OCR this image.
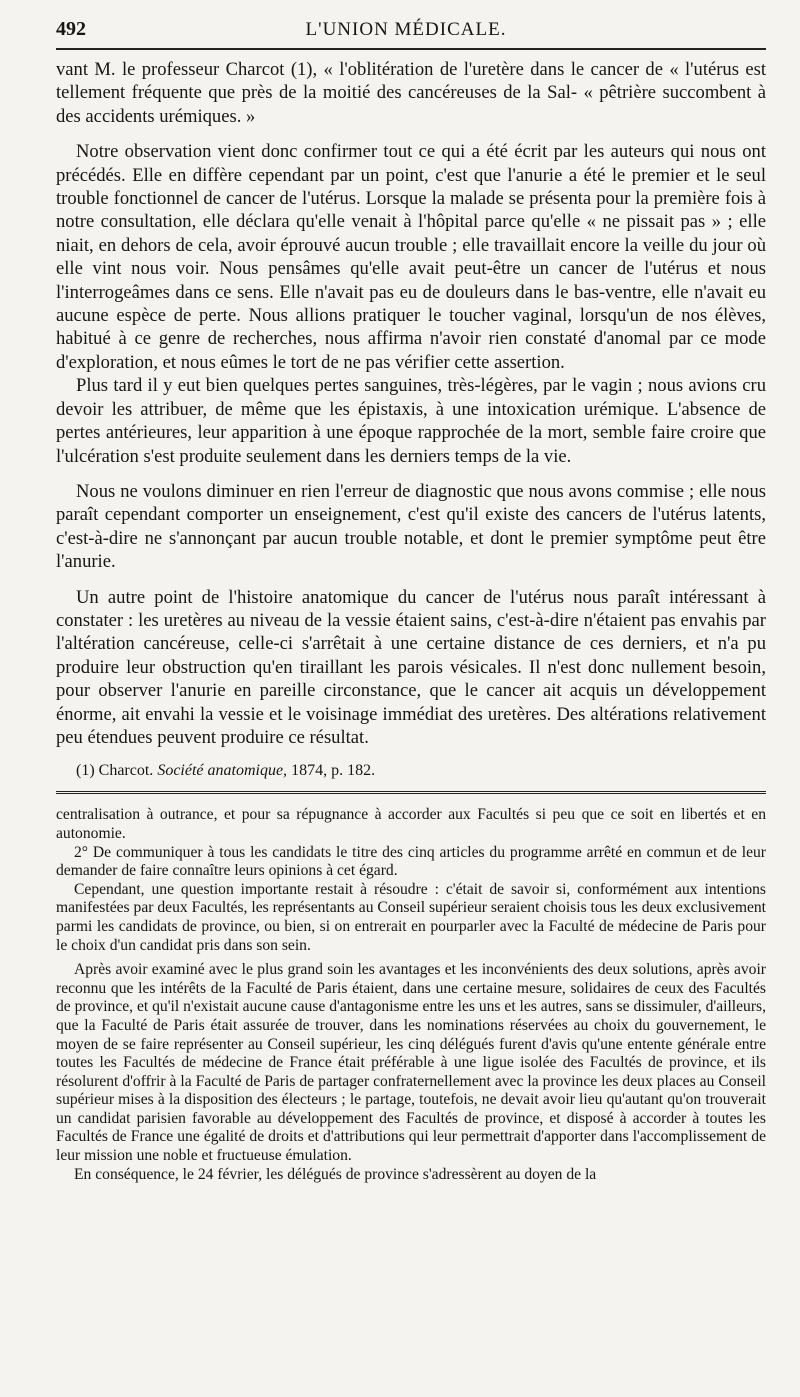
492	L'UNION MÉDICALE.

vant M. le professeur Charcot (1), « l'oblitération de l'uretère dans le cancer de « l'utérus est tellement fréquente que près de la moitié des cancéreuses de la Sal- « pêtrière succombent à des accidents urémiques. »

Notre observation vient donc confirmer tout ce qui a été écrit par les auteurs qui nous ont précédés. Elle en diffère cependant par un point, c'est que l'anurie a été le premier et le seul trouble fonctionnel de cancer de l'utérus. Lorsque la malade se présenta pour la première fois à notre consultation, elle déclara qu'elle venait à l'hôpital parce qu'elle « ne pissait pas » ; elle niait, en dehors de cela, avoir éprouvé aucun trouble ; elle travaillait encore la veille du jour où elle vint nous voir. Nous pensâmes qu'elle avait peut-être un cancer de l'utérus et nous l'interrogeâmes dans ce sens. Elle n'avait pas eu de douleurs dans le bas-ventre, elle n'avait eu aucune espèce de perte. Nous allions pratiquer le toucher vaginal, lorsqu'un de nos élèves, habitué à ce genre de recherches, nous affirma n'avoir rien constaté d'anomal par ce mode d'exploration, et nous eûmes le tort de ne pas vérifier cette assertion.

Plus tard il y eut bien quelques pertes sanguines, très-légères, par le vagin ; nous avions cru devoir les attribuer, de même que les épistaxis, à une intoxication urémique. L'absence de pertes antérieures, leur apparition à une époque rapprochée de la mort, semble faire croire que l'ulcération s'est produite seulement dans les derniers temps de la vie.

Nous ne voulons diminuer en rien l'erreur de diagnostic que nous avons commise ; elle nous paraît cependant comporter un enseignement, c'est qu'il existe des cancers de l'utérus latents, c'est-à-dire ne s'annonçant par aucun trouble notable, et dont le premier symptôme peut être l'anurie.

Un autre point de l'histoire anatomique du cancer de l'utérus nous paraît intéressant à constater : les uretères au niveau de la vessie étaient sains, c'est-à-dire n'étaient pas envahis par l'altération cancéreuse, celle-ci s'arrêtait à une certaine distance de ces derniers, et n'a pu produire leur obstruction qu'en tiraillant les parois vésicales. Il n'est donc nullement besoin, pour observer l'anurie en pareille circonstance, que le cancer ait acquis un développement énorme, ait envahi la vessie et le voisinage immédiat des uretères. Des altérations relativement peu étendues peuvent produire ce résultat.

(1) Charcot. Société anatomique, 1874, p. 182.

centralisation à outrance, et pour sa répugnance à accorder aux Facultés si peu que ce soit en libertés et en autonomie.

2° De communiquer à tous les candidats le titre des cinq articles du programme arrêté en commun et de leur demander de faire connaître leurs opinions à cet égard.

Cependant, une question importante restait à résoudre : c'était de savoir si, conformément aux intentions manifestées par deux Facultés, les représentants au Conseil supérieur seraient choisis tous les deux exclusivement parmi les candidats de province, ou bien, si on entrerait en pourparler avec la Faculté de médecine de Paris pour le choix d'un candidat pris dans son sein.

Après avoir examiné avec le plus grand soin les avantages et les inconvénients des deux solutions, après avoir reconnu que les intérêts de la Faculté de Paris étaient, dans une certaine mesure, solidaires de ceux des Facultés de province, et qu'il n'existait aucune cause d'antagonisme entre les uns et les autres, sans se dissimuler, d'ailleurs, que la Faculté de Paris était assurée de trouver, dans les nominations réservées au choix du gouvernement, le moyen de se faire représenter au Conseil supérieur, les cinq délégués furent d'avis qu'une entente générale entre toutes les Facultés de médecine de France était préférable à une ligue isolée des Facultés de province, et ils résolurent d'offrir à la Faculté de Paris de partager confraternellement avec la province les deux places au Conseil supérieur mises à la disposition des électeurs ; le partage, toutefois, ne devait avoir lieu qu'autant qu'on trouverait un candidat parisien favorable au développement des Facultés de province, et disposé à accorder à toutes les Facultés de France une égalité de droits et d'attributions qui leur permettrait d'apporter dans l'accomplissement de leur mission une noble et fructueuse émulation.

En conséquence, le 24 février, les délégués de province s'adressèrent au doyen de la
